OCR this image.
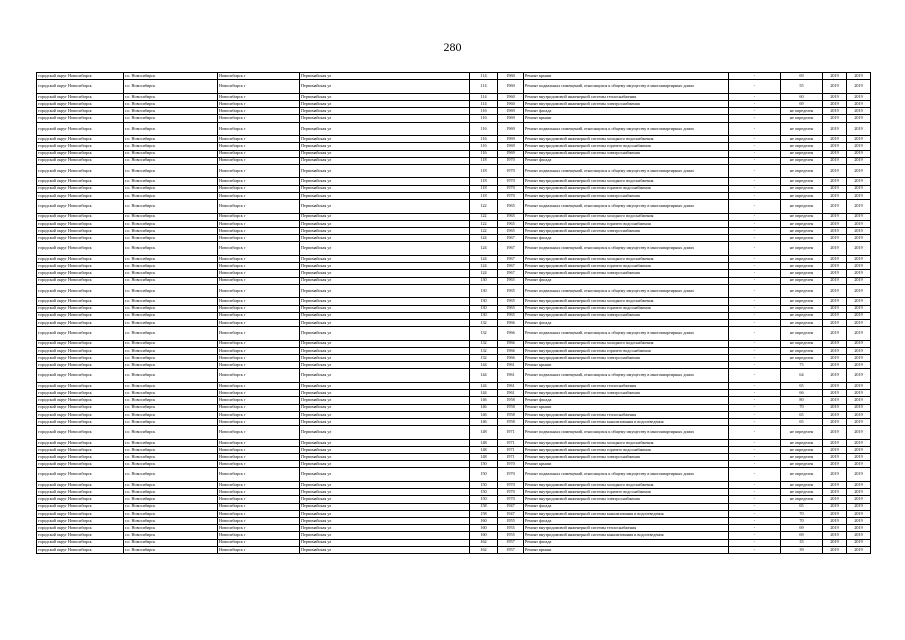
280
городской округ Новосибирск	г.о. Новосибирск	Новосибирск г	Первомайская ул	114	1960	Ремонт крыши	-	69	2019	2019
городской округ Новосибирск	г.о. Новосибирск	Новосибирск г	Первомайская ул	114	1960	Ремонт подвальных помещений, относящихся к общему имуществу в многоквартирных домах	-	55	2019	2019
городской округ Новосибирск	г.о. Новосибирск	Новосибирск г	Первомайская ул	114	1960	Ремонт внутридомовой инженерной системы теплоснабжения	-	60	2019	2019
городской округ Новосибирск	г.о. Новосибирск	Новосибирск г	Первомайская ул	114	1960	Ремонт внутридомовой инженерной системы электроснабжения	-	69	2019	2019
городской округ Новосибирск	г.о. Новосибирск	Новосибирск г	Первомайская ул	116	1969	Ремонт фасада	-	не определен	2019	2019
городской округ Новосибирск	г.о. Новосибирск	Новосибирск г	Первомайская ул	116	1969	Ремонт крыши	-	не определен	2019	2019
городской округ Новосибирск	г.о. Новосибирск	Новосибирск г	Первомайская ул	116	1969	Ремонт подвальных помещений, относящихся к общему имуществу в многоквартирных домах	-	не определен	2019	2019
городской округ Новосибирск	г.о. Новосибирск	Новосибирск г	Первомайская ул	116	1969	Ремонт внутридомовой инженерной системы холодного водоснабжения	-	не определен	2019	2019
городской округ Новосибирск	г.о. Новосибирск	Новосибирск г	Первомайская ул	116	1969	Ремонт внутридомовой инженерной системы горячего водоснабжения	-	не определен	2019	2019
городской округ Новосибирск	г.о. Новосибирск	Новосибирск г	Первомайская ул	116	1969	Ремонт внутридомовой инженерной системы электроснабжения	-	не определен	2019	2019
городской округ Новосибирск	г.о. Новосибирск	Новосибирск г	Первомайская ул	118	1970	Ремонт фасада	-	не определен	2019	2019
городской округ Новосибирск	г.о. Новосибирск	Новосибирск г	Первомайская ул	118	1970	Ремонт подвальных помещений, относящихся к общему имуществу в многоквартирных домах	-	не определен	2019	2019
городской округ Новосибирск	г.о. Новосибирск	Новосибирск г	Первомайская ул	118	1970	Ремонт внутридомовой инженерной системы холодного водоснабжения	-	не определен	2019	2019
городской округ Новосибирск	г.о. Новосибирск	Новосибирск г	Первомайская ул	118	1970	Ремонт внутридомовой инженерной системы горячего водоснабжения	-	не определен	2019	2019
городской округ Новосибирск	г.о. Новосибирск	Новосибирск г	Первомайская ул	118	1970	Ремонт внутридомовой инженерной системы электроснабжения	-	не определен	2019	2019
городской округ Новосибирск	г.о. Новосибирск	Новосибирск г	Первомайская ул	122	1965	Ремонт подвальных помещений, относящихся к общему имуществу в многоквартирных домах	-	не определен	2019	2019
городской округ Новосибирск	г.о. Новосибирск	Новосибирск г	Первомайская ул	122	1965	Ремонт внутридомовой инженерной системы холодного водоснабжения	-	не определен	2019	2019
городской округ Новосибирск	г.о. Новосибирск	Новосибирск г	Первомайская ул	122	1965	Ремонт внутридомовой инженерной системы горячего водоснабжения	-	не определен	2019	2019
городской округ Новосибирск	г.о. Новосибирск	Новосибирск г	Первомайская ул	122	1965	Ремонт внутридомовой инженерной системы электроснабжения	-	не определен	2019	2019
городской округ Новосибирск	г.о. Новосибирск	Новосибирск г	Первомайская ул	124	1967	Ремонт фасада	-	не определен	2019	2019
городской округ Новосибирск	г.о. Новосибирск	Новосибирск г	Первомайская ул	124	1967	Ремонт подвальных помещений, относящихся к общему имуществу в многоквартирных домах	-	не определен	2019	2019
городской округ Новосибирск	г.о. Новосибирск	Новосибирск г	Первомайская ул	124	1967	Ремонт внутридомовой инженерной системы холодного водоснабжения	-	не определен	2019	2019
городской округ Новосибирск	г.о. Новосибирск	Новосибирск г	Первомайская ул	124	1967	Ремонт внутридомовой инженерной системы горячего водоснабжения	-	не определен	2019	2019
городской округ Новосибирск	г.о. Новосибирск	Новосибирск г	Первомайская ул	124	1967	Ремонт внутридомовой инженерной системы электроснабжения	-	не определен	2019	2019
городской округ Новосибирск	г.о. Новосибирск	Новосибирск г	Первомайская ул	130	1965	Ремонт фасада	-	не определен	2019	2019
городской округ Новосибирск	г.о. Новосибирск	Новосибирск г	Первомайская ул	130	1965	Ремонт подвальных помещений, относящихся к общему имуществу в многоквартирных домах	-	не определен	2019	2019
городской округ Новосибирск	г.о. Новосибирск	Новосибирск г	Первомайская ул	130	1965	Ремонт внутридомовой инженерной системы холодного водоснабжения	-	не определен	2019	2019
городской округ Новосибирск	г.о. Новосибирск	Новосибирск г	Первомайская ул	130	1965	Ремонт внутридомовой инженерной системы горячего водоснабжения	-	не определен	2019	2019
городской округ Новосибирск	г.о. Новосибирск	Новосибирск г	Первомайская ул	130	1965	Ремонт внутридомовой инженерной системы электроснабжения	-	не определен	2019	2019
городской округ Новосибирск	г.о. Новосибирск	Новосибирск г	Первомайская ул	132	1966	Ремонт фасада	-	не определен	2019	2019
городской округ Новосибирск	г.о. Новосибирск	Новосибирск г	Первомайская ул	132	1966	Ремонт подвальных помещений, относящихся к общему имуществу в многоквартирных домах	-	не определен	2019	2019
городской округ Новосибирск	г.о. Новосибирск	Новосибирск г	Первомайская ул	132	1966	Ремонт внутридомовой инженерной системы холодного водоснабжения	-	не определен	2019	2019
городской округ Новосибирск	г.о. Новосибирск	Новосибирск г	Первомайская ул	132	1966	Ремонт внутридомовой инженерной системы горячего водоснабжения	-	не определен	2019	2019
городской округ Новосибирск	г.о. Новосибирск	Новосибирск г	Первомайская ул	132	1966	Ремонт внутридомовой инженерной системы электроснабжения	-	не определен	2019	2019
городской округ Новосибирск	г.о. Новосибирск	Новосибирск г	Первомайская ул	144	1961	Ремонт крыши	-	75	2019	2019
городской округ Новосибирск	г.о. Новосибирск	Новосибирск г	Первомайская ул	144	1961	Ремонт подвальных помещений, относящихся к общему имуществу в многоквартирных домах	-	64	2019	2019
городской округ Новосибирск	г.о. Новосибирск	Новосибирск г	Первомайская ул	144	1961	Ремонт внутридомовой инженерной системы теплоснабжения	-	65	2019	2019
городской округ Новосибирск	г.о. Новосибирск	Новосибирск г	Первомайская ул	144	1961	Ремонт внутридомовой инженерной системы электроснабжения	-	66	2019	2019
городской округ Новосибирск	г.о. Новосибирск	Новосибирск г	Первомайская ул	146	1958	Ремонт фасада	-	80	2019	2019
городской округ Новосибирск	г.о. Новосибирск	Новосибирск г	Первомайская ул	146	1958	Ремонт крыши	-	70	2019	2019
городской округ Новосибирск	г.о. Новосибирск	Новосибирск г	Первомайская ул	146	1958	Ремонт внутридомовой инженерной системы теплоснабжения	-	65	2019	2019
городской округ Новосибирск	г.о. Новосибирск	Новосибирск г	Первомайская ул	146	1958	Ремонт внутридомовой инженерной системы канализования и водоотведения	-	65	2019	2019
городской округ Новосибирск	г.о. Новосибирск	Новосибирск г	Первомайская ул	148	1971	Ремонт подвальных помещений, относящихся к общему имуществу в многоквартирных домах	-	не определен	2019	2019
городской округ Новосибирск	г.о. Новосибирск	Новосибирск г	Первомайская ул	148	1971	Ремонт внутридомовой инженерной системы холодного водоснабжения	-	не определен	2019	2019
городской округ Новосибирск	г.о. Новосибирск	Новосибирск г	Первомайская ул	148	1971	Ремонт внутридомовой инженерной системы горячего водоснабжения	-	не определен	2019	2019
городской округ Новосибирск	г.о. Новосибирск	Новосибирск г	Первомайская ул	148	1971	Ремонт внутридомовой инженерной системы электроснабжения	-	не определен	2019	2019
городской округ Новосибирск	г.о. Новосибирск	Новосибирск г	Первомайская ул	150	1970	Ремонт крыши	-	не определен	2019	2019
городской округ Новосибирск	г.о. Новосибирск	Новосибирск г	Первомайская ул	150	1970	Ремонт подвальных помещений, относящихся к общему имуществу в многоквартирных домах	-	не определен	2019	2019
городской округ Новосибирск	г.о. Новосибирск	Новосибирск г	Первомайская ул	150	1970	Ремонт внутридомовой инженерной системы холодного водоснабжения	-	не определен	2019	2019
городской округ Новосибирск	г.о. Новосибирск	Новосибирск г	Первомайская ул	150	1970	Ремонт внутридомовой инженерной системы горячего водоснабжения	-	не определен	2019	2019
городской округ Новосибирск	г.о. Новосибирск	Новосибирск г	Первомайская ул	150	1970	Ремонт внутридомовой инженерной системы электроснабжения	-	не определен	2019	2019
городской округ Новосибирск	г.о. Новосибирск	Новосибирск г	Первомайская ул	158	1947	Ремонт фасада	-	65	2019	2019
городской округ Новосибирск	г.о. Новосибирск	Новосибирск г	Первомайская ул	158	1947	Ремонт внутридомовой инженерной системы канализования и водоотведения	-	70	2019	2019
городской округ Новосибирск	г.о. Новосибирск	Новосибирск г	Первомайская ул	160	1955	Ремонт фасада	-	70	2019	2019
городской округ Новосибирск	г.о. Новосибирск	Новосибирск г	Первомайская ул	160	1955	Ремонт внутридомовой инженерной системы теплоснабжения	-	69	2019	2019
городской округ Новосибирск	г.о. Новосибирск	Новосибирск г	Первомайская ул	160	1955	Ремонт внутридомовой инженерной системы канализования и водоотведения	-	69	2019	2019
городской округ Новосибирск	г.о. Новосибирск	Новосибирск г	Первомайская ул	162	1957	Ремонт фасада	-	35	2019	2019
городской округ Новосибирск	г.о. Новосибирск	Новосибирск г	Первомайская ул	162	1957	Ремонт крыши	-	39	2019	2019
